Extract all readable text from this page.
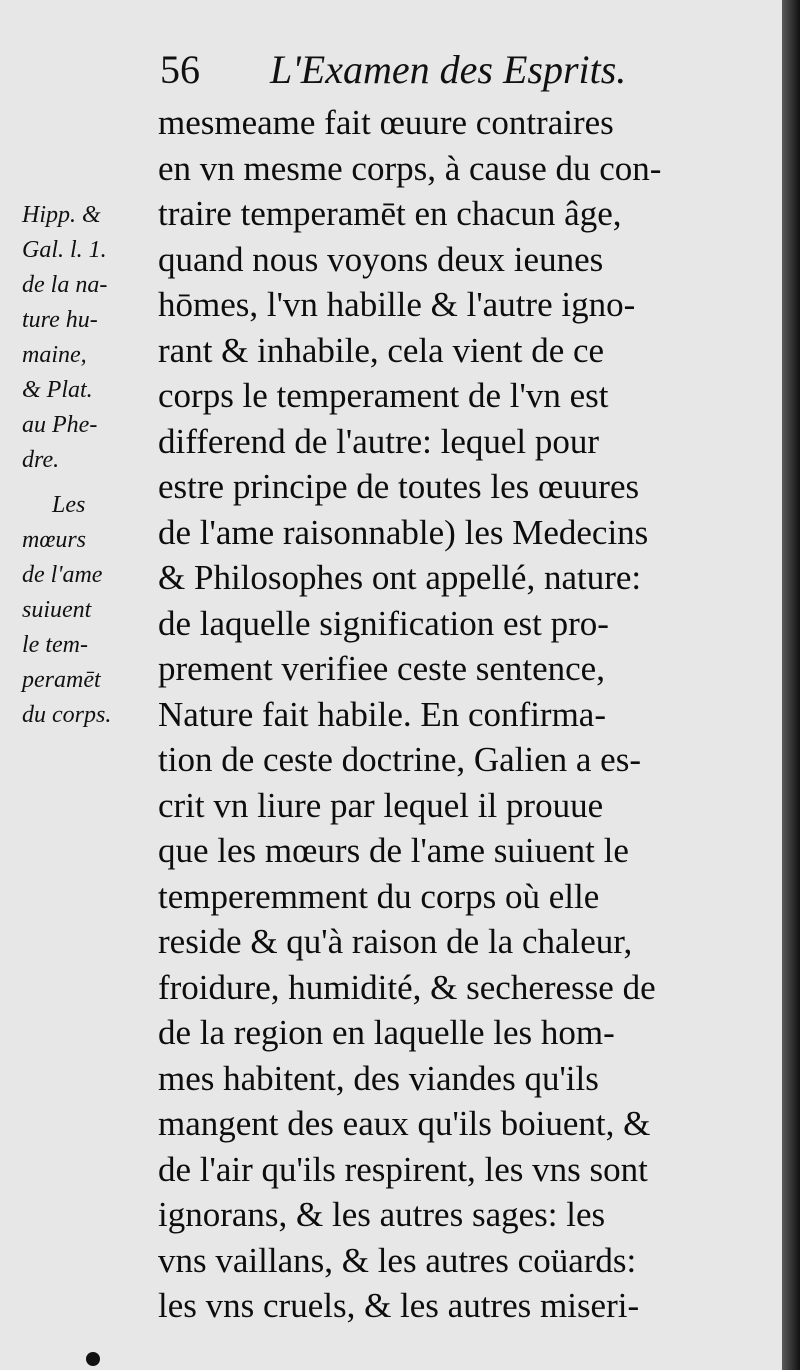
56 L'Examen des Esprits.
Hipp. &
Gal. l. 1.
de la na-
ture hu-
maine,
& Plat.
au Phe-
dre.
Les
mœurs
de l'ame
suiuent
le tem-
peramēt
du corps.
mesmeame fait œuure contraires
en vn mesme corps, à cause du con-
traire temperamēt en chacun âge,
quand nous voyons deux ieunes
hōmes, l'vn habille & l'autre igno-
rant & inhabile, cela vient de ce
corps le temperament de l'vn est
differend de l'autre: lequel pour
estre principe de toutes les œuures
de l'ame raisonnable) les Medecins
& Philosophes ont appellé, nature:
de laquelle signification est pro-
prement verifiee ceste sentence,
Nature fait habile. En confirma-
tion de ceste doctrine, Galien a es-
crit vn liure par lequel il prouue
que les mœurs de l'ame suiuent le
temperemment du corps où elle
reside & qu'à raison de la chaleur,
froidure, humidité, & secheresse de
de la region en laquelle les hom-
mes habitent, des viandes qu'ils
mangent des eaux qu'ils boiuent, &
de l'air qu'ils respirent, les vns sont
ignorans, & les autres sages: les
vns vaillans, & les autres coüards:
les vns cruels, & les autres miseri-
